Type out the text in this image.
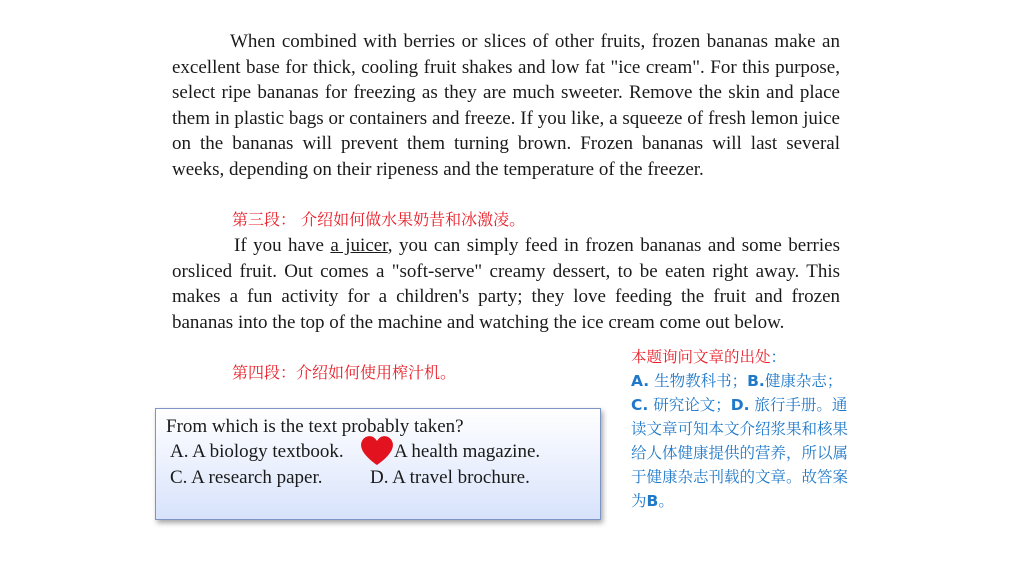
When combined with berries or slices of other fruits, frozen bananas make an excellent base for thick, cooling fruit shakes and low fat "ice cream". For this purpose, select ripe bananas for freezing as they are much sweeter. Remove the skin and place them in plastic bags or containers and freeze. If you like, a squeeze of fresh lemon juice on the bananas will prevent them turning brown. Frozen bananas will last several weeks, depending on their ripeness and the temperature of the freezer.

第三段： 介绍如何做水果奶昔和冰激凌。

If you have a juicer, you can simply feed in frozen bananas and some berries orsliced fruit. Out comes a "soft-serve" creamy dessert, to be eaten right away. This makes a fun activity for a children's party; they love feeding the fruit and frozen bananas into the top of the machine and watching the ice cream come out below.

第四段：介绍如何使用榨汁机。
From which is the text probably taken?
A. A biology textbook.	A health magazine.
C. A research paper.	D. A travel brochure.

本题询问文章的出处：
A. 生物教科书；B.健康杂志；C. 研究论文；D. 旅行手册。通读文章可知本文介绍浆果和核果给人体健康提供的营养，所以属于健康杂志刊载的文章。故答案为B。
